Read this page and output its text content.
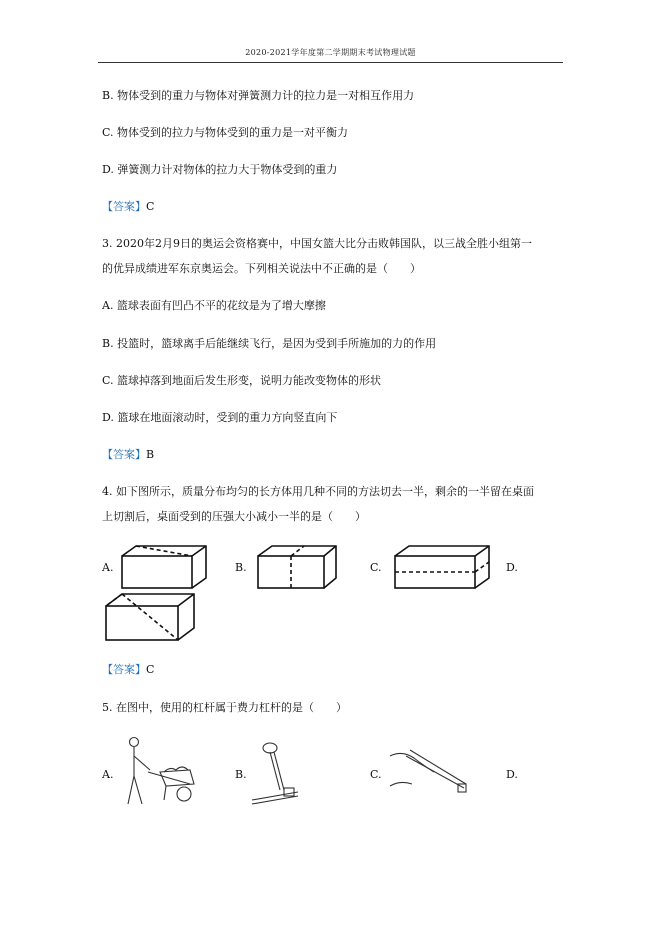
2020-2021学年度第二学期期末考试物理试题
B. 物体受到的重力与物体对弹簧测力计的拉力是一对相互作用力
C. 物体受到的拉力与物体受到的重力是一对平衡力
D. 弹簧测力计对物体的拉力大于物体受到的重力
【答案】C
3. 2020年2月9日的奥运会资格赛中，中国女篮大比分击败韩国队，以三战全胜小组第一
的优异成绩进军东京奥运会。下列相关说法中不正确的是（　　）
A. 篮球表面有凹凸不平的花纹是为了增大摩擦
B. 投篮时，篮球离手后能继续飞行，是因为受到手所施加的力的作用
C. 篮球掉落到地面后发生形变，说明力能改变物体的形状
D. 篮球在地面滚动时，受到的重力方向竖直向下
【答案】B
4. 如下图所示，质量分布均匀的长方体用几种不同的方法切去一半，剩余的一半留在桌面
上切割后，桌面受到的压强大小减小一半的是（　　）
A.	B.	C.	D.
【答案】C
5. 在图中，使用的杠杆属于费力杠杆的是（　　）
A.	B.	C.	D.
